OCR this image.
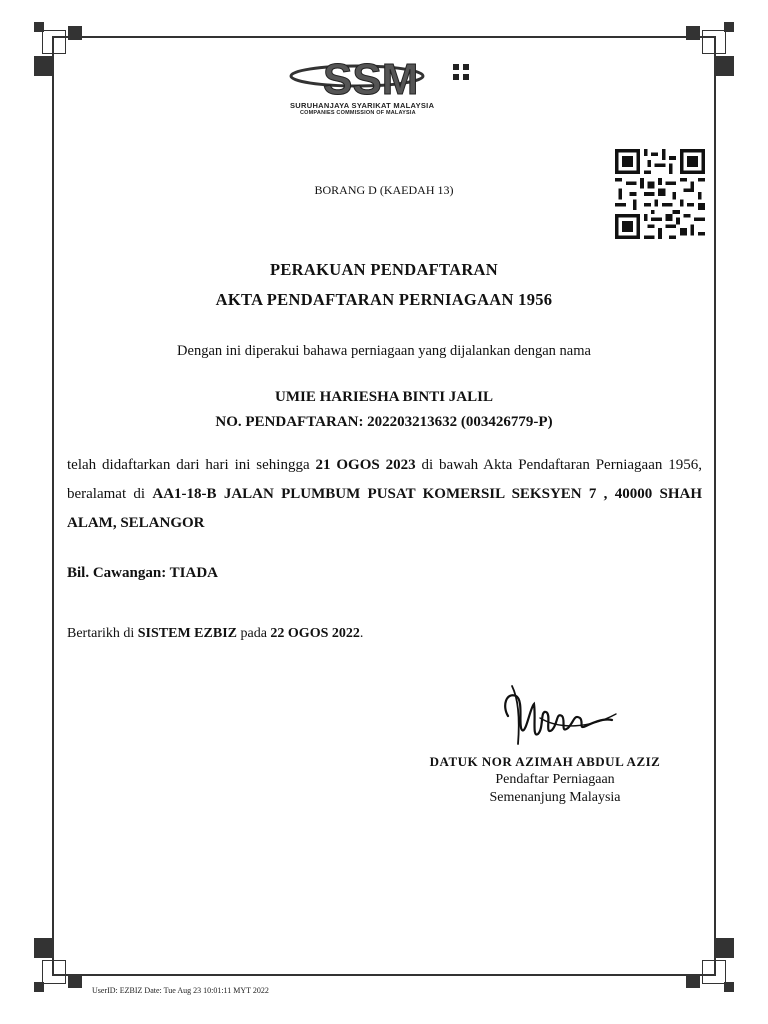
SSM
SURUHANJAYA SYARIKAT MALAYSIA
COMPANIES COMMISSION OF MALAYSIA
BORANG D (KAEDAH 13)
PERAKUAN PENDAFTARAN
AKTA PENDAFTARAN PERNIAGAAN 1956
Dengan ini diperakui bahawa perniagaan yang dijalankan dengan nama
UMIE HARIESHA BINTI JALIL
NO. PENDAFTARAN: 202203213632 (003426779-P)
telah didaftarkan dari hari ini sehingga 21 OGOS 2023 di bawah Akta Pendaftaran Perniagaan 1956, beralamat di AA1-18-B JALAN PLUMBUM PUSAT KOMERSIL SEKSYEN 7 , 40000 SHAH ALAM, SELANGOR
Bil. Cawangan: TIADA
Bertarikh di SISTEM EZBIZ pada 22 OGOS 2022.
DATUK NOR AZIMAH ABDUL AZIZ
Pendaftar Perniagaan
Semenanjung Malaysia
UserID: EZBIZ Date: Tue Aug 23 10:01:11 MYT 2022
